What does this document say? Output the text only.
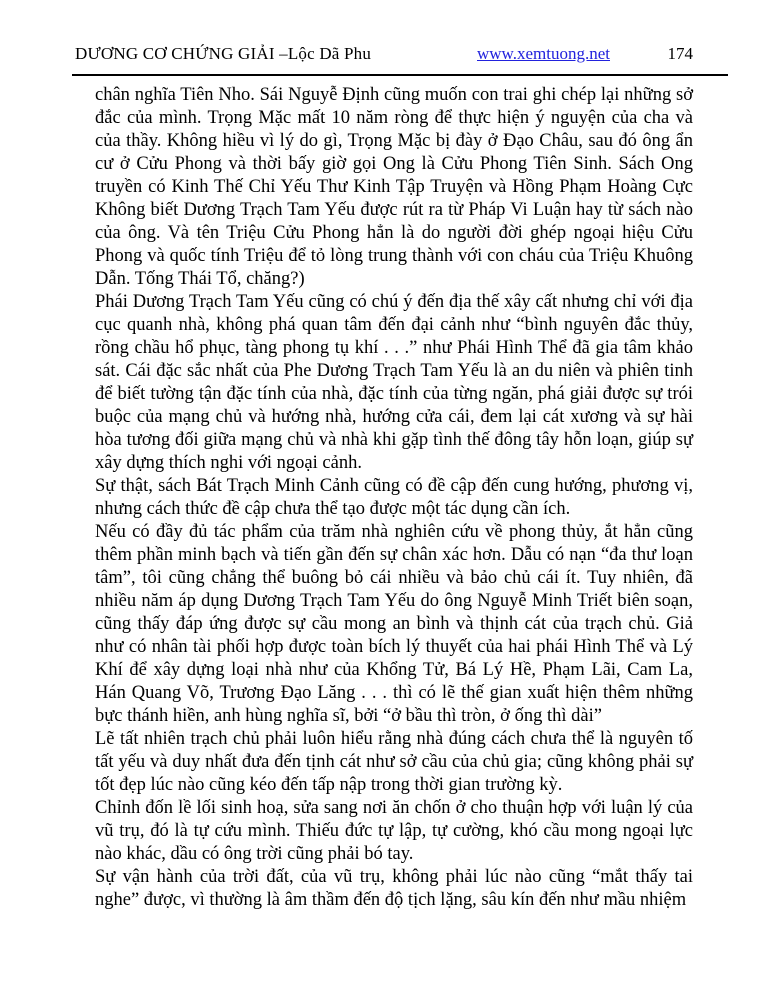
DƯƠNG CƠ CHỨNG GIẢI –Lộc Dã Phu	www.xemtuong.net	174

chân nghĩa Tiên Nho. Sái Nguyễ Định cũng muốn con trai ghi chép lại những sở đắc của mình. Trọng Mặc mất 10 năm ròng để thực hiện ý nguyện của cha và của thầy. Không hiều vì lý do gì, Trọng Mặc bị đày ở Đạo Châu, sau đó ông ẩn cư ở Cửu Phong và thời bấy giờ gọi Ong là Cửu Phong Tiên Sinh. Sách Ong truyền có Kinh Thế Chỉ Yếu Thư Kinh Tập Truyện và Hồng Phạm Hoàng Cực Không biết Dương Trạch Tam Yếu được rút ra từ Pháp Vi Luận hay từ sách nào của ông. Và tên Triệu Cửu Phong hẳn là do người đời ghép ngoại hiệu Cửu Phong và quốc tính Triệu để tỏ lòng trung thành với con cháu của Triệu Khuông Dẫn. Tống Thái Tổ, chăng?)

Phái Dương Trạch Tam Yếu cũng có chú ý đến địa thế xây cất nhưng chỉ với địa cục quanh nhà, không phá quan tâm đến đại cảnh như “bình nguyên đắc thủy, rồng chầu hổ phục, tàng phong tụ khí . . .” như Phái Hình Thể đã gia tâm khảo sát. Cái đặc sắc nhất của Phe Dương Trạch Tam Yếu là an du niên và phiên tinh để biết tường tận đặc tính của nhà, đặc tính của từng ngăn, phá giải được sự trói buộc của mạng chủ và hướng nhà, hướng cửa cái, đem lại cát xương và sự hài hòa tương đối giữa mạng chủ và nhà khi gặp tình thế đông tây hỗn loạn, giúp sự xây dựng thích nghi với ngoại cảnh.

Sự thật, sách Bát Trạch Minh Cảnh cũng có đề cập đến cung hướng, phương vị, nhưng cách thức đề cập chưa thể tạo được một tác dụng cần ích.

Nếu có đầy đủ tác phẩm của trăm nhà nghiên cứu về phong thủy, ắt hẳn cũng thêm phần minh bạch và tiến gần đến sự chân xác hơn. Dẫu có nạn “đa thư loạn tâm”, tôi cũng chẳng thể buông bỏ cái nhiều và bảo chủ cái ít. Tuy nhiên, đã nhiều năm áp dụng Dương Trạch Tam Yếu do ông Nguyễ Minh Triết biên soạn, cũng thấy đáp ứng được sự cầu mong an bình và thịnh cát của trạch chủ. Giả như có nhân tài phối hợp được toàn bích lý thuyết của hai phái Hình Thể và Lý Khí để xây dựng loại nhà như của Khổng Tử, Bá Lý Hề, Phạm Lãi, Cam La, Hán Quang Võ, Trương Đạo Lăng . . . thì có lẽ thế gian xuất hiện thêm những bực thánh hiền, anh hùng nghĩa sĩ, bởi “ở bầu thì tròn, ở ống thì dài”

Lẽ tất nhiên trạch chủ phải luôn hiểu rằng nhà đúng cách chưa thể là nguyên tố tất yếu và duy nhất đưa đến tịnh cát như sở cầu của chủ gia; cũng không phải sự tốt đẹp lúc nào cũng kéo đến tấp nập trong thời gian trường kỳ.

Chỉnh đốn lề lối sinh hoạ, sửa sang nơi ăn chốn ở cho thuận hợp với luận lý của vũ trụ, đó là tự cứu mình. Thiếu đức tự lập, tự cường, khó cầu mong ngoại lực nào khác, dầu có ông trời cũng phải bó tay.

Sự vận hành của trời đất, của vũ trụ, không phải lúc nào cũng “mắt thấy tai nghe” được, vì thường là âm thầm đến độ tịch lặng, sâu kín đến như mầu nhiệm
